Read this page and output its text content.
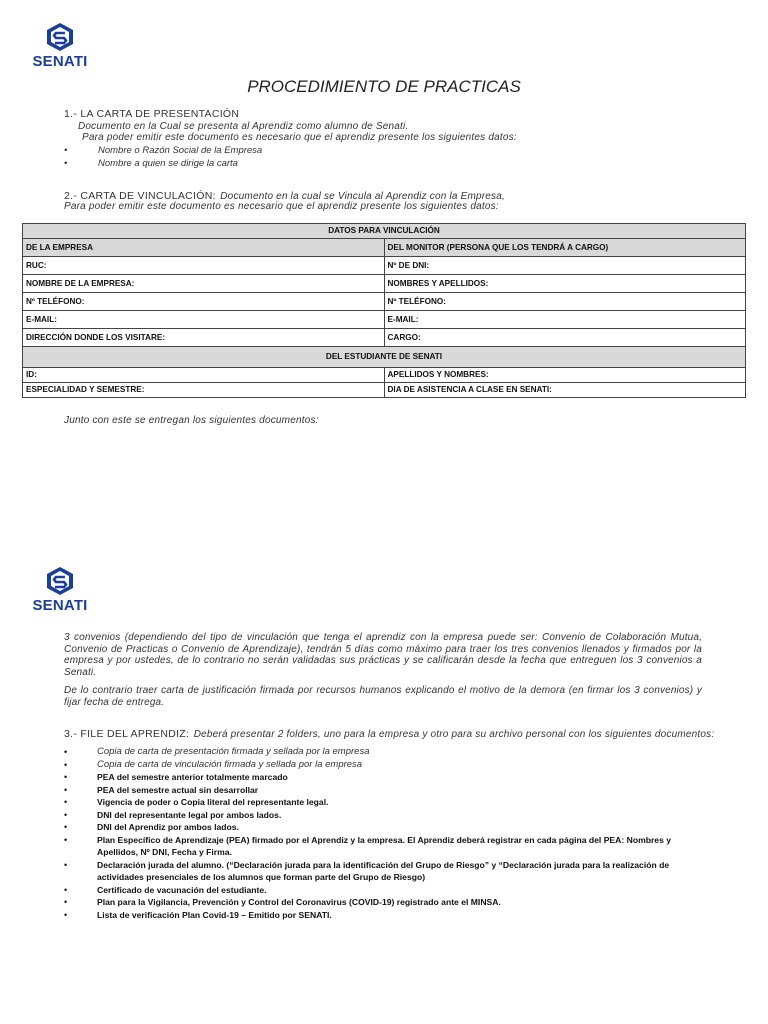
SENATI
PROCEDIMIENTO DE PRACTICAS
1.- LA CARTA DE PRESENTACIÓN
Documento en la Cual se presenta al Aprendiz como alumno de Senati.
Para poder emitir este documento es necesario que el aprendiz presente los siguientes datos:
•	Nombre o Razón Social de la Empresa
•	Nombre a quien se dirige la carta
2.- CARTA DE VINCULACIÓN: Documento en la cual se Vincula al Aprendiz con la Empresa,
Para poder emitir este documento es necesario que el aprendiz presente los siguientes datos:
DATOS PARA VINCULACIÓN	
DE LA EMPRESA	DEL MONITOR (PERSONA QUE LOS TENDRÁ A CARGO)
RUC:	Nº DE DNI:
NOMBRE DE LA EMPRESA:	NOMBRES Y APELLIDOS:
Nº TELÉFONO:	Nº TELÉFONO:
E-MAIL:	E-MAIL:
DIRECCIÓN DONDE LOS VISITARE:	CARGO:
DEL ESTUDIANTE DE SENATI	
ID:	APELLIDOS Y NOMBRES:
ESPECIALIDAD Y SEMESTRE:	DIA DE ASISTENCIA A CLASE EN SENATI:
Junto con este se entregan los siguientes documentos:
SENATI
3 convenios (dependiendo del tipo de vinculación que tenga el aprendiz con la empresa puede ser: Convenio de Colaboración Mutua, Convenio de Practicas o Convenio de Aprendizaje), tendrán 5 días como máximo para traer los tres convenios llenados y firmados por la empresa y por ustedes, de lo contrario no serán validadas sus prácticas y se calificarán desde la fecha que entreguen los 3 convenios a Senati.
De lo contrario traer carta de justificación firmada por recursos humanos explicando el motivo de la demora (en firmar los 3 convenios) y fijar fecha de entrega.
3.- FILE DEL APRENDIZ: Deberá presentar 2 folders, uno para la empresa y otro para su archivo personal con los siguientes documentos:
•	Copia de carta de presentación firmada y sellada por la empresa
•	Copia de carta de vinculación firmada y sellada por la empresa
•	PEA del semestre anterior totalmente marcado
•	PEA del semestre actual sin desarrollar
•	Vigencia de poder o Copia literal del representante legal.
•	DNI del representante legal por ambos lados.
•	DNI del Aprendiz por ambos lados.
•	Plan Específico de Aprendizaje (PEA) firmado por el Aprendiz y la empresa. El Aprendiz deberá registrar en cada página del PEA: Nombres y Apellidos, Nº DNI, Fecha y Firma.
•	Declaración jurada del alumno. (“Declaración jurada para la identificación del Grupo de Riesgo” y “Declaración jurada para la realización de actividades presenciales de los alumnos que forman parte del Grupo de Riesgo)
•	Certificado de vacunación del estudiante.
•	Plan para la Vigilancia, Prevención y Control del Coronavirus (COVID-19) registrado ante el MINSA.
•	Lista de verificación Plan Covid-19 – Emitido por SENATI.
